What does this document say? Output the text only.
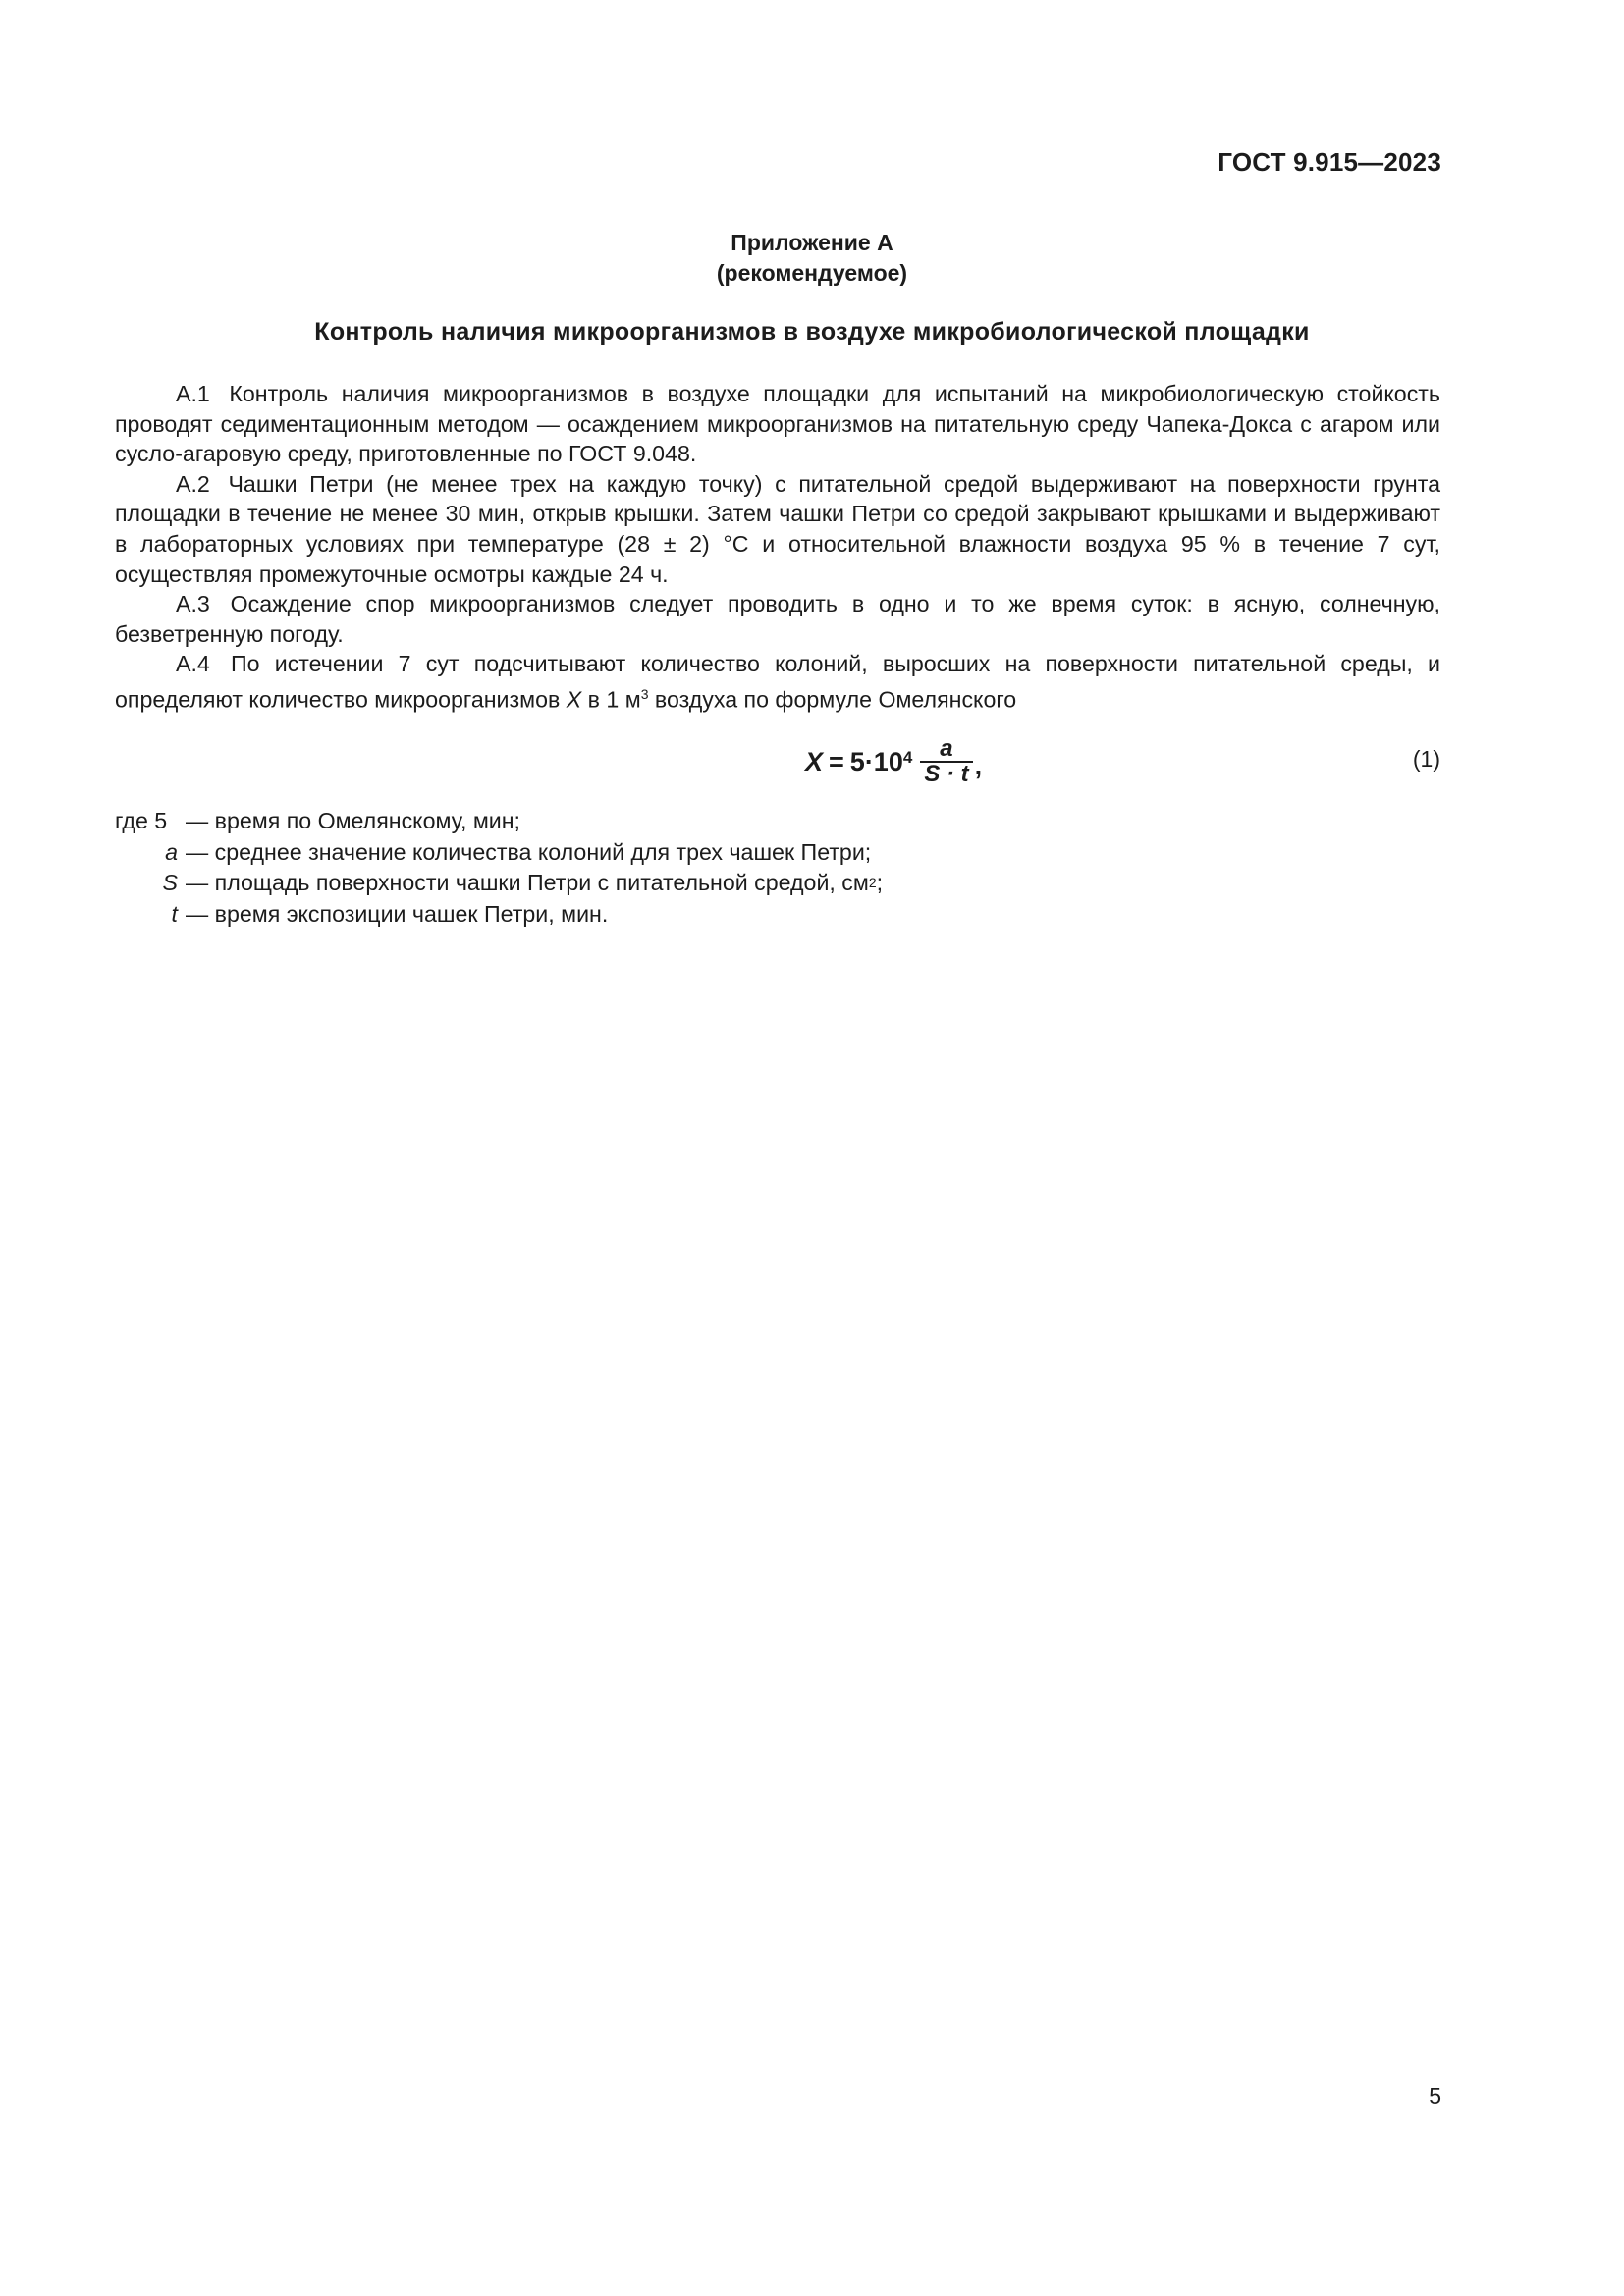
ГОСТ 9.915—2023
Приложение А
(рекомендуемое)
Контроль наличия микроорганизмов в воздухе микробиологической площадки

А.1 Контроль наличия микроорганизмов в воздухе площадки для испытаний на микробиологическую стойкость проводят седиментационным методом — осаждением микроорганизмов на питательную среду Чапека-Докса с агаром или сусло-агаровую среду, приготовленные по ГОСТ 9.048.

А.2 Чашки Петри (не менее трех на каждую точку) с питательной средой выдерживают на поверхности грунта площадки в течение не менее 30 мин, открыв крышки. Затем чашки Петри со средой закрывают крышками и выдерживают в лабораторных условиях при температуре (28 ± 2) °С и относительной влажности воздуха 95 % в течение 7 сут, осуществляя промежуточные осмотры каждые 24 ч.

А.3 Осаждение спор микроорганизмов следует проводить в одно и то же время суток: в ясную, солнечную, безветренную погоду.

А.4 По истечении 7 сут подсчитывают количество колоний, выросших на поверхности питательной среды, и определяют количество микроорганизмов X в 1 $м^3$ воздуха по формуле Омелянского

$X = 5\cdot 10^4 \frac{a}{S \cdot t}$ ,	(1)
где 5 —
время по Омелянскому, мин;
a —
среднее значение количества колоний для трех чашек Петри;
S —
площадь поверхности чашки Петри с питательной средой, см 2 ;
t —
время экспозиции чашек Петри, мин.
5
